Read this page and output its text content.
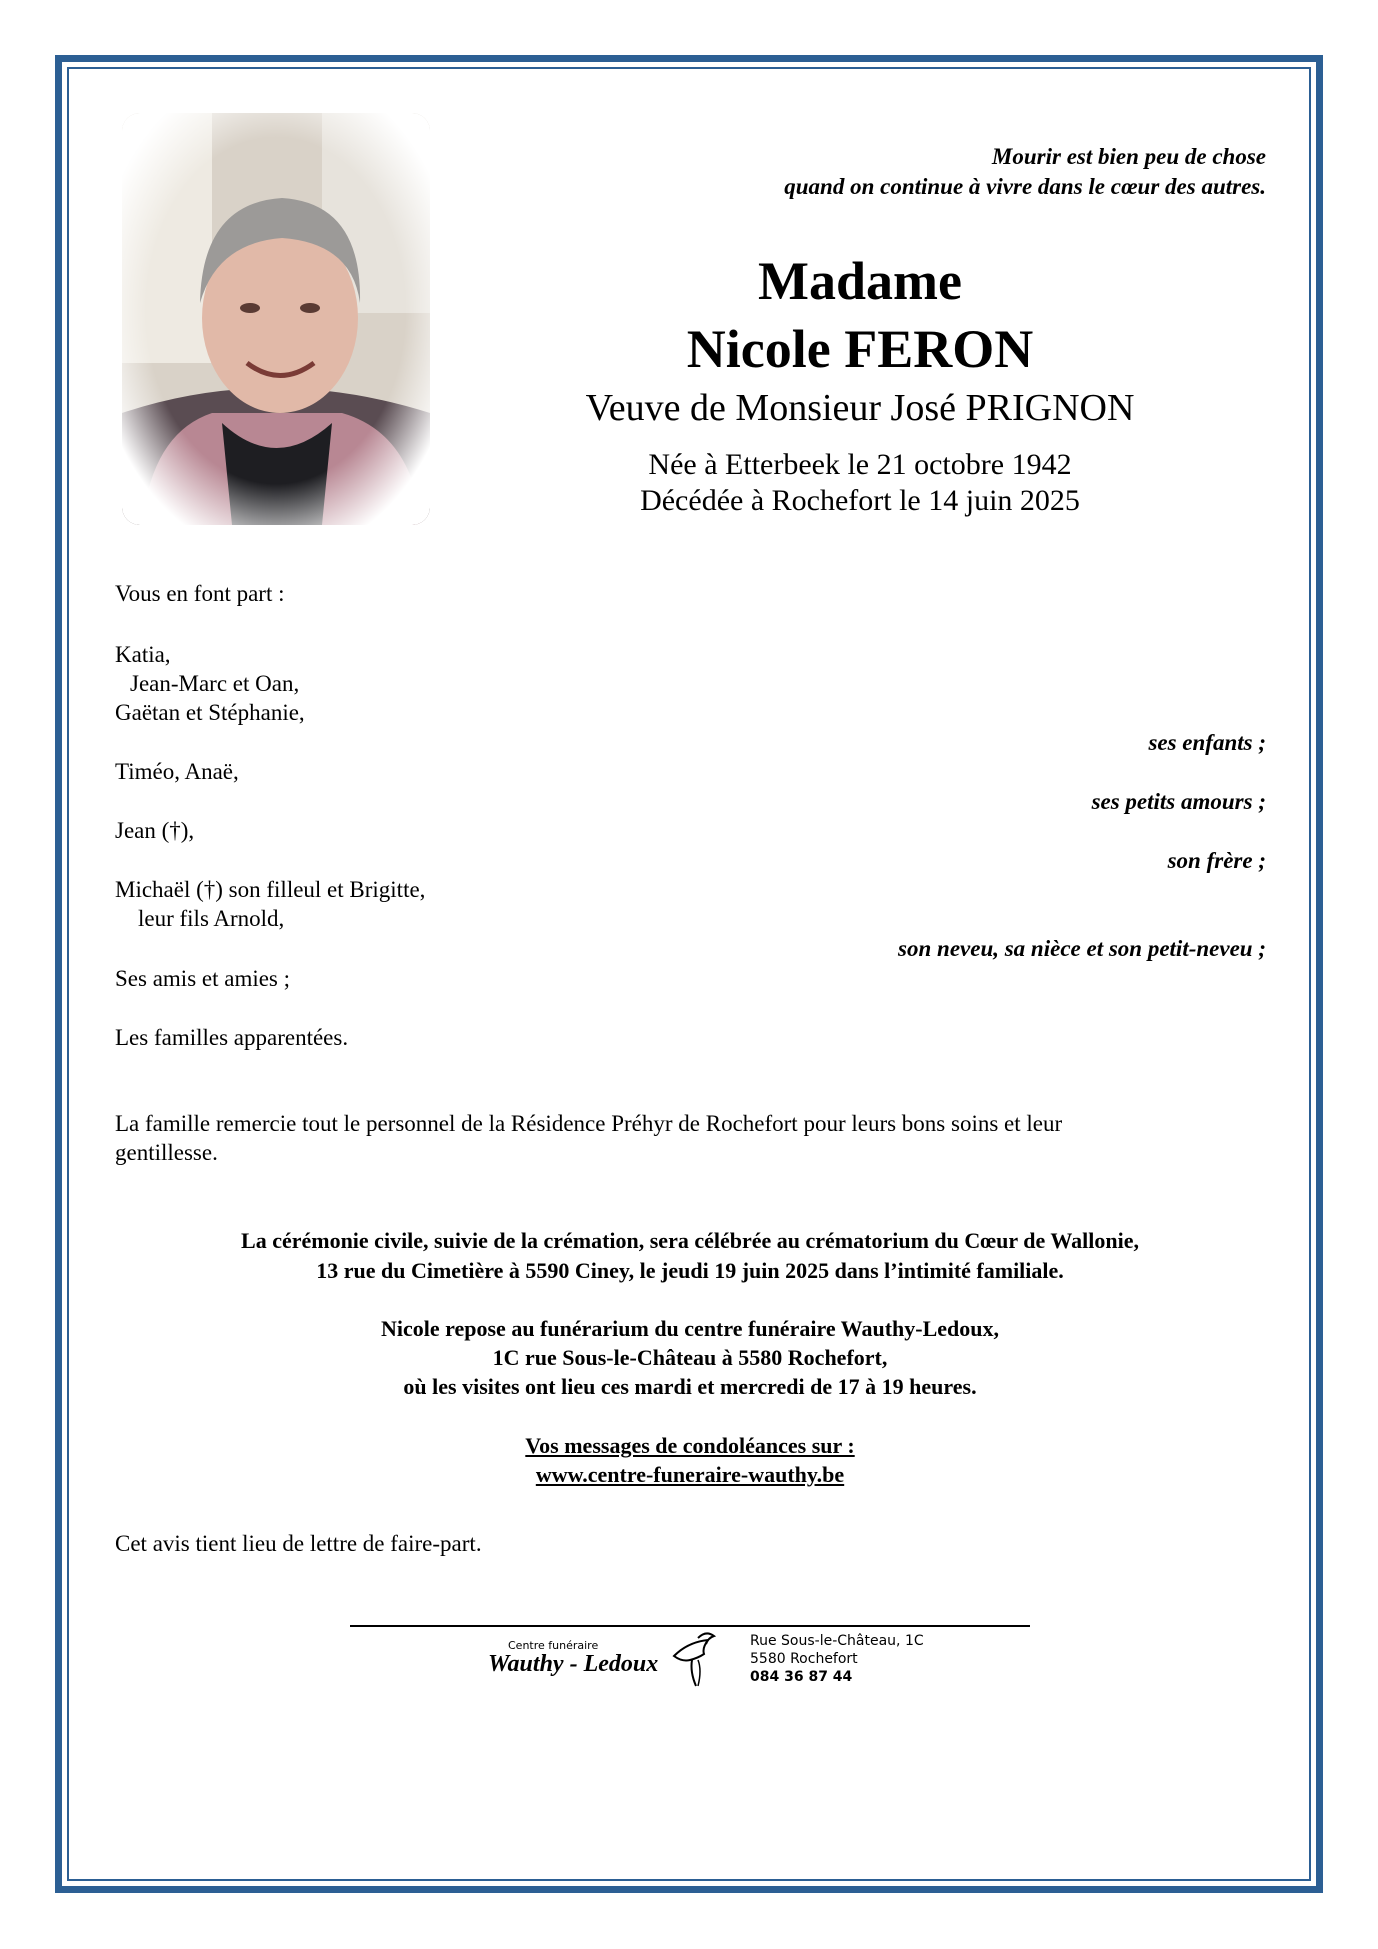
Mourir est bien peu de chose
quand on continue à vivre dans le cœur des autres.
Madame
Nicole FERON
Veuve de Monsieur José PRIGNON
Née à Etterbeek le 21 octobre 1942
Décédée à Rochefort le 14 juin 2025
Vous en font part :
Katia,
Jean-Marc et Oan,
Gaëtan et Stéphanie,
ses enfants ;
Timéo, Anaë,
ses petits amours ;
Jean (†),
son frère ;
Michaël (†) son filleul et Brigitte,
leur fils Arnold,
son neveu, sa nièce et son petit-neveu ;
Ses amis et amies ;
Les familles apparentées.
La famille remercie tout le personnel de la Résidence Préhyr de Rochefort pour leurs bons soins et leur
gentillesse.
La cérémonie civile, suivie de la crémation, sera célébrée au crématorium du Cœur de Wallonie,
13 rue du Cimetière à 5590 Ciney, le jeudi 19 juin 2025 dans l’intimité familiale.
Nicole repose au funérarium du centre funéraire Wauthy-Ledoux,
1C rue Sous-le-Château à 5580 Rochefort,
où les visites ont lieu ces mardi et mercredi de 17 à 19 heures.
Vos messages de condoléances sur :
www.centre-funeraire-wauthy.be
Cet avis tient lieu de lettre de faire-part.
Centre funéraire
Wauthy - Ledoux
Rue Sous-le-Château, 1C
5580 Rochefort
084 36 87 44
